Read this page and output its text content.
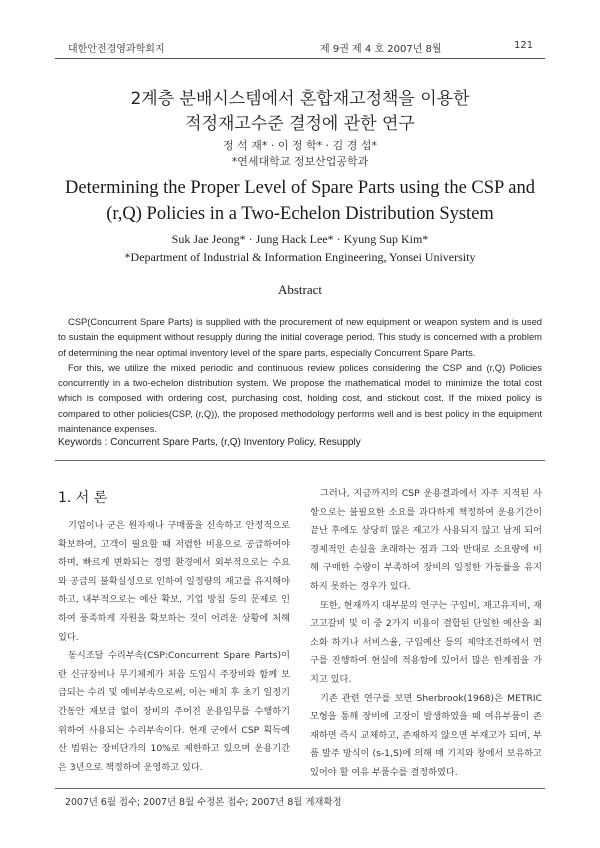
대한안전경영과학회지	제 9권 제 4 호 2007년 8월	121
2계층 분배시스템에서 혼합재고정책을 이용한
적정재고수준 결정에 관한 연구
정 석 재* · 이 정 학* · 김 경 섭*
*연세대학교 정보산업공학과
Determining the Proper Level of Spare Parts using the CSP and
(r,Q) Policies in a Two-Echelon Distribution System
Suk Jae Jeong* · Jung Hack Lee* · Kyung Sup Kim*
*Department of Industrial & Information Engineering, Yonsei University
Abstract

CSP(Concurrent Spare Parts) is supplied with the procurement of new equipment or weapon system and is used to sustain the equipment without resupply during the initial coverage period. This study is concerned with a problem of determining the near optimal inventory level of the spare parts, especially Concurrent Spare Parts.

For this, we utilize the mixed periodic and continuous review polices considering the CSP and (r,Q) Policies concurrently in a two-echelon distribution system. We propose the mathematical model to minimize the total cost which is composed with ordering cost, purchasing cost, holding cost, and stickout cost. If the mixed policy is compared to other policies(CSP, (r,Q)), the proposed methodology performs well and is best policy in the equipment maintenance expenses.

Keywords : Concurrent Spare Parts, (r,Q) Inventory Policy, Resupply
1. 서 론

기업이나 군은 원자재나 구매품을 신속하고 안정적으로 확보하여, 고객이 필요할 때 저렴한 비용으로 공급하여야 하며, 빠르게 변화되는 경영 환경에서 외부적으로는 수요와 공급의 불확실성으로 인하여 일정량의 재고를 유지해야 하고, 내부적으로는 예산 확보, 기업 방침 등의 문제로 인하여 풍족하게 자원을 확보하는 것이 어려운 상황에 처해있다.

동시조달 수리부속(CSP:Concurrent Spare Parts)이란 신규장비나 무기체계가 처음 도입시 주장비와 함께 보급되는 수리 및 예비부속으로써, 이는 배치 후 초기 일정기간동안 재보급 없이 장비의 주어진 운용임무를 수행하기 위하여 사용되는 수리부속이다. 현재 군에서 CSP 획득예산 범위는 장비단가의 10%로 제한하고 있으며 운용기간은 3년으로 책정하여 운영하고 있다.

그러나, 지금까지의 CSP 운용결과에서 자주 지적된 사항으로는 불필요한 소요를 과다하게 책정하여 운용기간이 끝난 후에도 상당히 많은 재고가 사용되지 않고 남게 되어 경제적인 손실을 초래하는 점과 그와 반대로 소요량에 비해 구매한 수량이 부족하여 장비의 일정한 가동률을 유지하지 못하는 경우가 있다.

또한, 현재까지 대부분의 연구는 구입비, 재고유지비, 재고고갈비 및 이 중 2가지 비용이 결합된 단일한 예산을 최소화 하거나 서비스율, 구입예산 등의 제약조건하에서 연구를 진행하여 현실에 적용함에 있어서 많은 한계점을 가지고 있다.

기존 관련 연구를 보면 Sherbrook(1968)은 METRIC 모형을 통해 장비에 고장이 발생하였을 때 여유부품이 존재하면 즉시 교체하고, 존재하지 않으면 부재고가 되며, 부품 발주 방식이 (s-1,S)에 의해 매 기지와 창에서 보유하고 있어야 할 여유 부품수를 결정하였다.

2007년 6월 접수; 2007년 8월 수정본 접수; 2007년 8월 게재확정
